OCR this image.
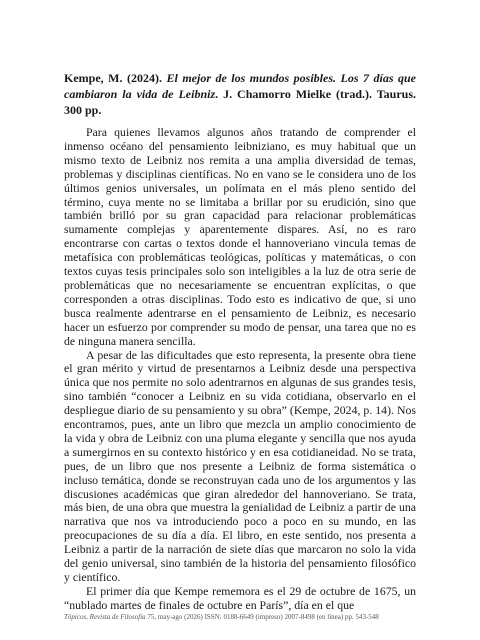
Kempe, M. (2024). El mejor de los mundos posibles. Los 7 días que cambiaron la vida de Leibniz. J. Chamorro Mielke (trad.). Taurus. 300 pp.

Para quienes llevamos algunos años tratando de comprender el inmenso océano del pensamiento leibniziano, es muy habitual que un mismo texto de Leibniz nos remita a una amplia diversidad de temas, problemas y disciplinas científicas. No en vano se le considera uno de los últimos genios universales, un polímata en el más pleno sentido del término, cuya mente no se limitaba a brillar por su erudición, sino que también brilló por su gran capacidad para relacionar problemáticas sumamente complejas y aparentemente dispares. Así, no es raro encontrarse con cartas o textos donde el hannoveriano vincula temas de metafísica con problemáticas teológicas, políticas y matemáticas, o con textos cuyas tesis principales solo son inteligibles a la luz de otra serie de problemáticas que no necesariamente se encuentran explícitas, o que corresponden a otras disciplinas. Todo esto es indicativo de que, si uno busca realmente adentrarse en el pensamiento de Leibniz, es necesario hacer un esfuerzo por comprender su modo de pensar, una tarea que no es de ninguna manera sencilla.

A pesar de las dificultades que esto representa, la presente obra tiene el gran mérito y virtud de presentarnos a Leibniz desde una perspectiva única que nos permite no solo adentrarnos en algunas de sus grandes tesis, sino también “conocer a Leibniz en su vida cotidiana, observarlo en el despliegue diario de su pensamiento y su obra” (Kempe, 2024, p. 14). Nos encontramos, pues, ante un libro que mezcla un amplio conocimiento de la vida y obra de Leibniz con una pluma elegante y sencilla que nos ayuda a sumergirnos en su contexto histórico y en esa cotidianeidad. No se trata, pues, de un libro que nos presente a Leibniz de forma sistemática o incluso temática, donde se reconstruyan cada uno de los argumentos y las discusiones académicas que giran alrededor del hannoveriano. Se trata, más bien, de una obra que muestra la genialidad de Leibniz a partir de una narrativa que nos va introduciendo poco a poco en su mundo, en las preocupaciones de su día a día. El libro, en este sentido, nos presenta a Leibniz a partir de la narración de siete días que marcaron no solo la vida del genio universal, sino también de la historia del pensamiento filosófico y científico.

El primer día que Kempe rememora es el 29 de octubre de 1675, un “nublado martes de finales de octubre en París”, día en el que

Tópicos, Revista de Filosofía 75, may-ago (2026) ISSN: 0188-6649 (impreso) 2007-8498 (en línea) pp. 543-548
